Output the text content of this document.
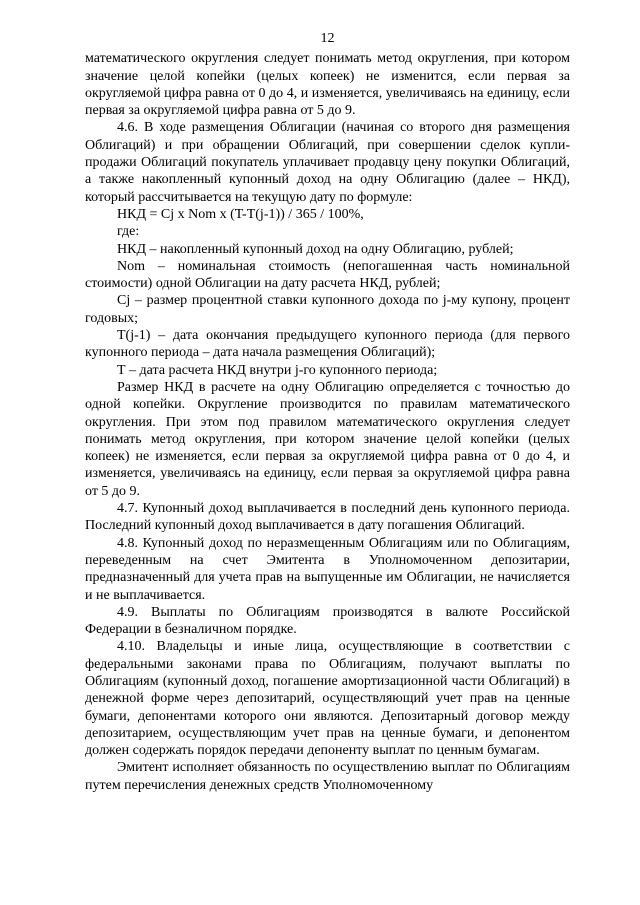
12

математического округления следует понимать метод округления, при котором значение целой копейки (целых копеек) не изменится, если первая за округляемой цифра равна от 0 до 4, и изменяется, увеличиваясь на единицу, если первая за округляемой цифра равна от 5 до 9.

4.6. В ходе размещения Облигации (начиная со второго дня размещения Облигаций) и при обращении Облигаций, при совершении сделок купли-продажи Облигаций покупатель уплачивает продавцу цену покупки Облигаций, а также накопленный купонный доход на одну Облигацию (далее – НКД), который рассчитывается на текущую дату по формуле:

НКД = Cj x Nom x (T-T(j-1)) / 365 / 100%,

где:

НКД – накопленный купонный доход на одну Облигацию, рублей;

Nom – номинальная стоимость (непогашенная часть номинальной стоимости) одной Облигации на дату расчета НКД, рублей;

Cj – размер процентной ставки купонного дохода по j-му купону, процент годовых;

T(j-1) – дата окончания предыдущего купонного периода (для первого купонного периода – дата начала размещения Облигаций);

Т – дата расчета НКД внутри j-го купонного периода;

Размер НКД в расчете на одну Облигацию определяется с точностью до одной копейки. Округление производится по правилам математического округления. При этом под правилом математического округления следует понимать метод округления, при котором значение целой копейки (целых копеек) не изменяется, если первая за округляемой цифра равна от 0 до 4, и изменяется, увеличиваясь на единицу, если первая за округляемой цифра равна от 5 до 9.

4.7. Купонный доход выплачивается в последний день купонного периода. Последний купонный доход выплачивается в дату погашения Облигаций.

4.8. Купонный доход по неразмещенным Облигациям или по Облигациям, переведенным на счет Эмитента в Уполномоченном депозитарии, предназначенный для учета прав на выпущенные им Облигации, не начисляется и не выплачивается.

4.9. Выплаты по Облигациям производятся в валюте Российской Федерации в безналичном порядке.

4.10. Владельцы и иные лица, осуществляющие в соответствии с федеральными законами права по Облигациям, получают выплаты по Облигациям (купонный доход, погашение амортизационной части Облигаций) в денежной форме через депозитарий, осуществляющий учет прав на ценные бумаги, депонентами которого они являются. Депозитарный договор между депозитарием, осуществляющим учет прав на ценные бумаги, и депонентом должен содержать порядок передачи депоненту выплат по ценным бумагам.

Эмитент исполняет обязанность по осуществлению выплат по Облигациям путем перечисления денежных средств Уполномоченному
